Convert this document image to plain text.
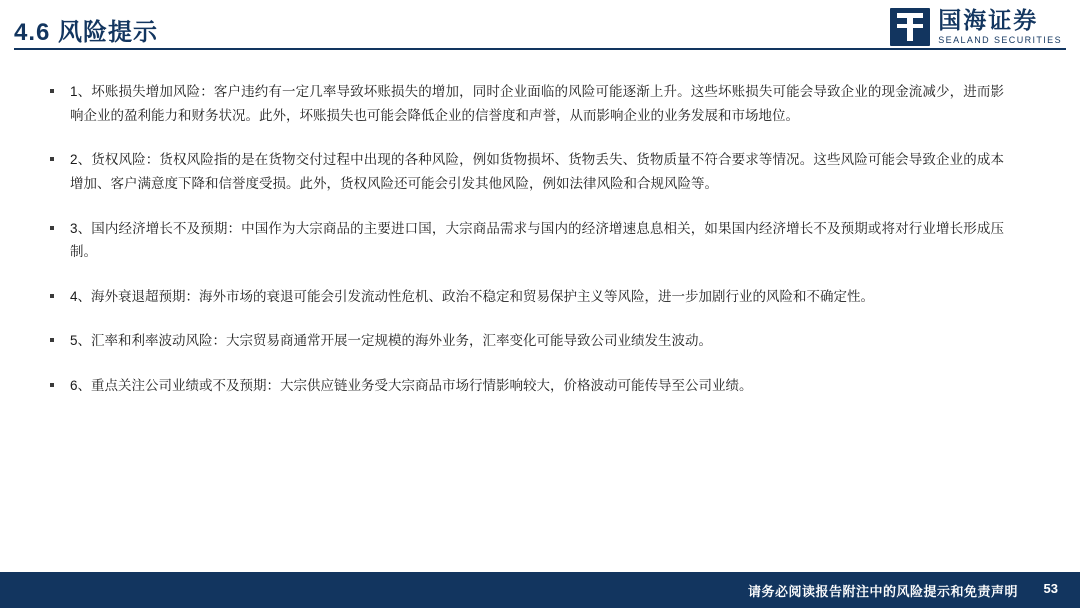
4.6 风险提示	国海证券
SEALAND SECURITIES
1、坏账损失增加风险：客户违约有一定几率导致坏账损失的增加，同时企业面临的风险可能逐渐上升。这些坏账损失可能会导致企业的现金流减少，进而影响企业的盈利能力和财务状况。此外，坏账损失也可能会降低企业的信誉度和声誉，从而影响企业的业务发展和市场地位。
2、货权风险：货权风险指的是在货物交付过程中出现的各种风险，例如货物损坏、货物丢失、货物质量不符合要求等情况。这些风险可能会导致企业的成本增加、客户满意度下降和信誉度受损。此外，货权风险还可能会引发其他风险，例如法律风险和合规风险等。
3、国内经济增长不及预期：中国作为大宗商品的主要进口国，大宗商品需求与国内的经济增速息息相关，如果国内经济增长不及预期或将对行业增长形成压制。
4、海外衰退超预期：海外市场的衰退可能会引发流动性危机、政治不稳定和贸易保护主义等风险，进一步加剧行业的风险和不确定性。
5、汇率和利率波动风险：大宗贸易商通常开展一定规模的海外业务，汇率变化可能导致公司业绩发生波动。
6、重点关注公司业绩或不及预期：大宗供应链业务受大宗商品市场行情影响较大，价格波动可能传导至公司业绩。
请务必阅读报告附注中的风险提示和免责声明 53
